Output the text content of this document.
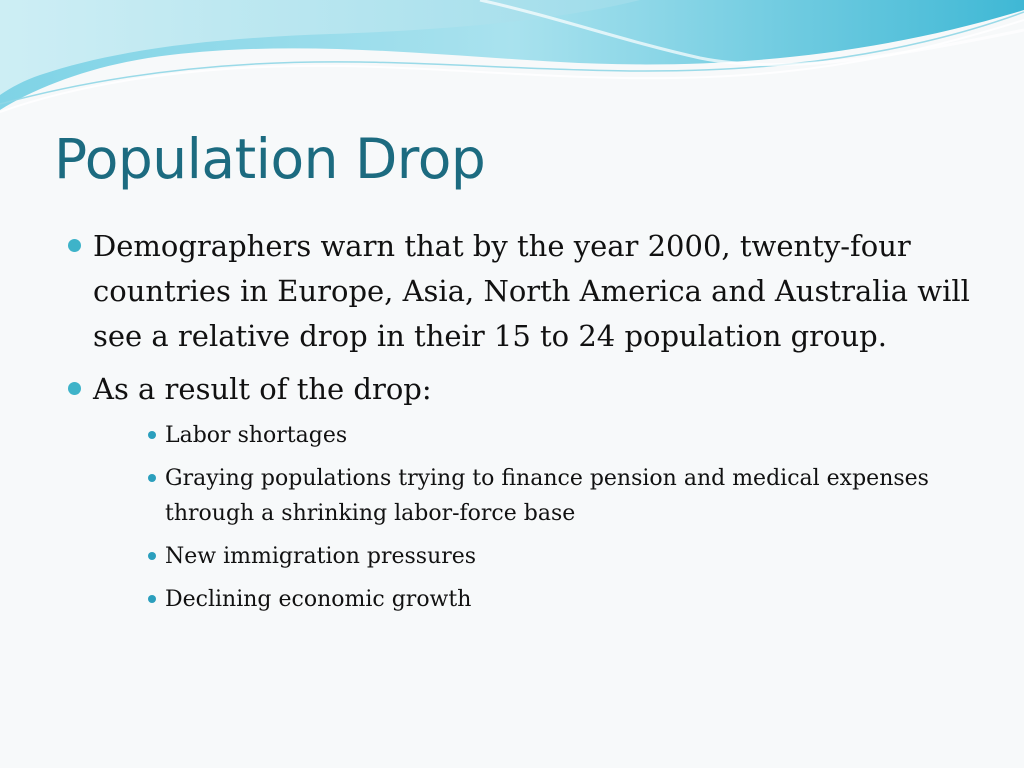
Population Drop
Demographers warn that by the year 2000, twenty-four countries in Europe, Asia, North America and Australia will see a relative drop in their 15 to 24 population group.
As a result of the drop:
Labor shortages
Graying populations trying to finance pension and medical expenses through a shrinking labor-force base
New immigration pressures
Declining economic growth
